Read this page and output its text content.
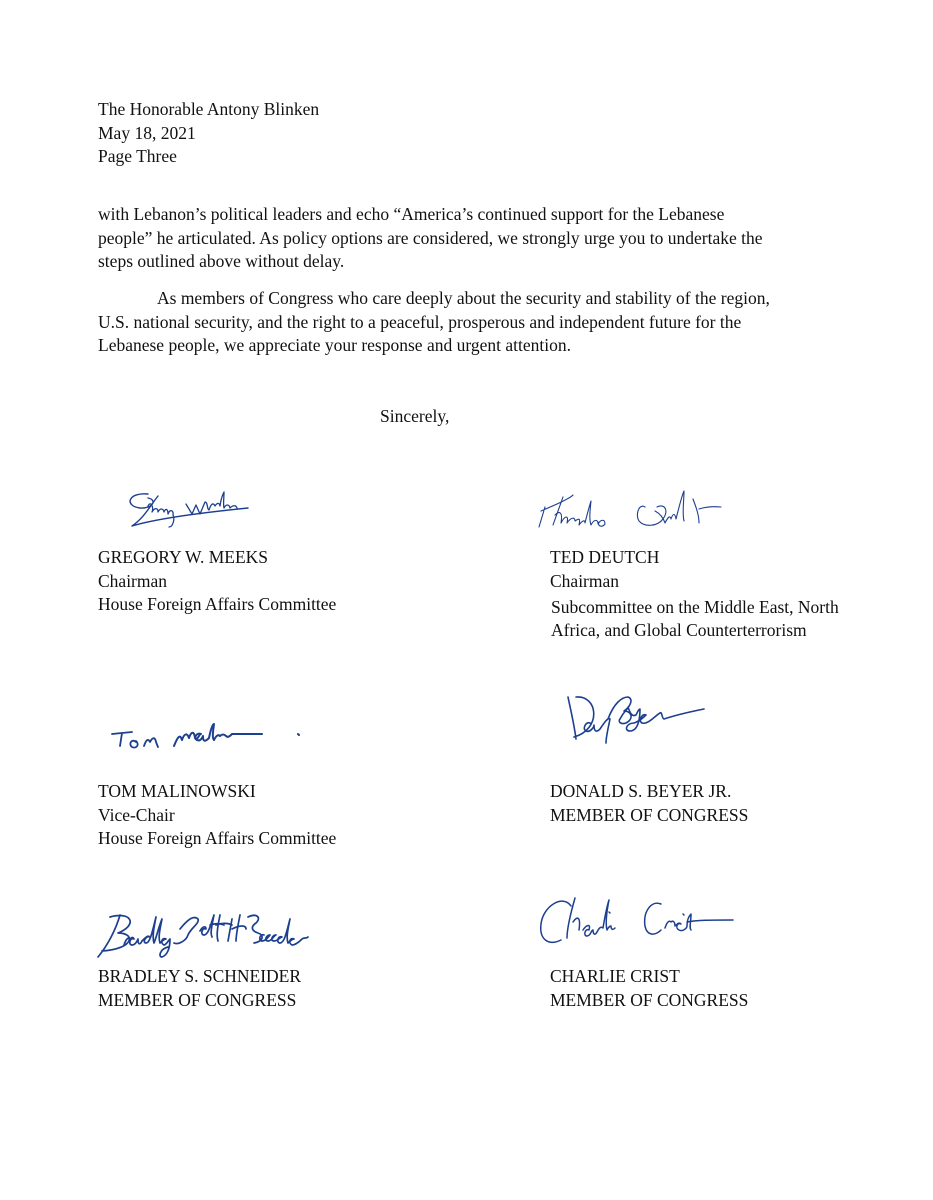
The Honorable Antony Blinken
May 18, 2021
Page Three
with Lebanon’s political leaders and echo “America’s continued support for the Lebanese
people” he articulated. As policy options are considered, we strongly urge you to undertake the
steps outlined above without delay.
As members of Congress who care deeply about the security and stability of the region,
U.S. national security, and the right to a peaceful, prosperous and independent future for the
Lebanese people, we appreciate your response and urgent attention.
Sincerely,
GREGORY W. MEEKS
Chairman
House Foreign Affairs Committee
TED DEUTCH
Chairman
Subcommittee on the Middle East, North
Africa, and Global Counterterrorism
TOM MALINOWSKI
Vice-Chair
House Foreign Affairs Committee
DONALD S. BEYER JR.
MEMBER OF CONGRESS
BRADLEY S. SCHNEIDER
MEMBER OF CONGRESS
CHARLIE CRIST
MEMBER OF CONGRESS
